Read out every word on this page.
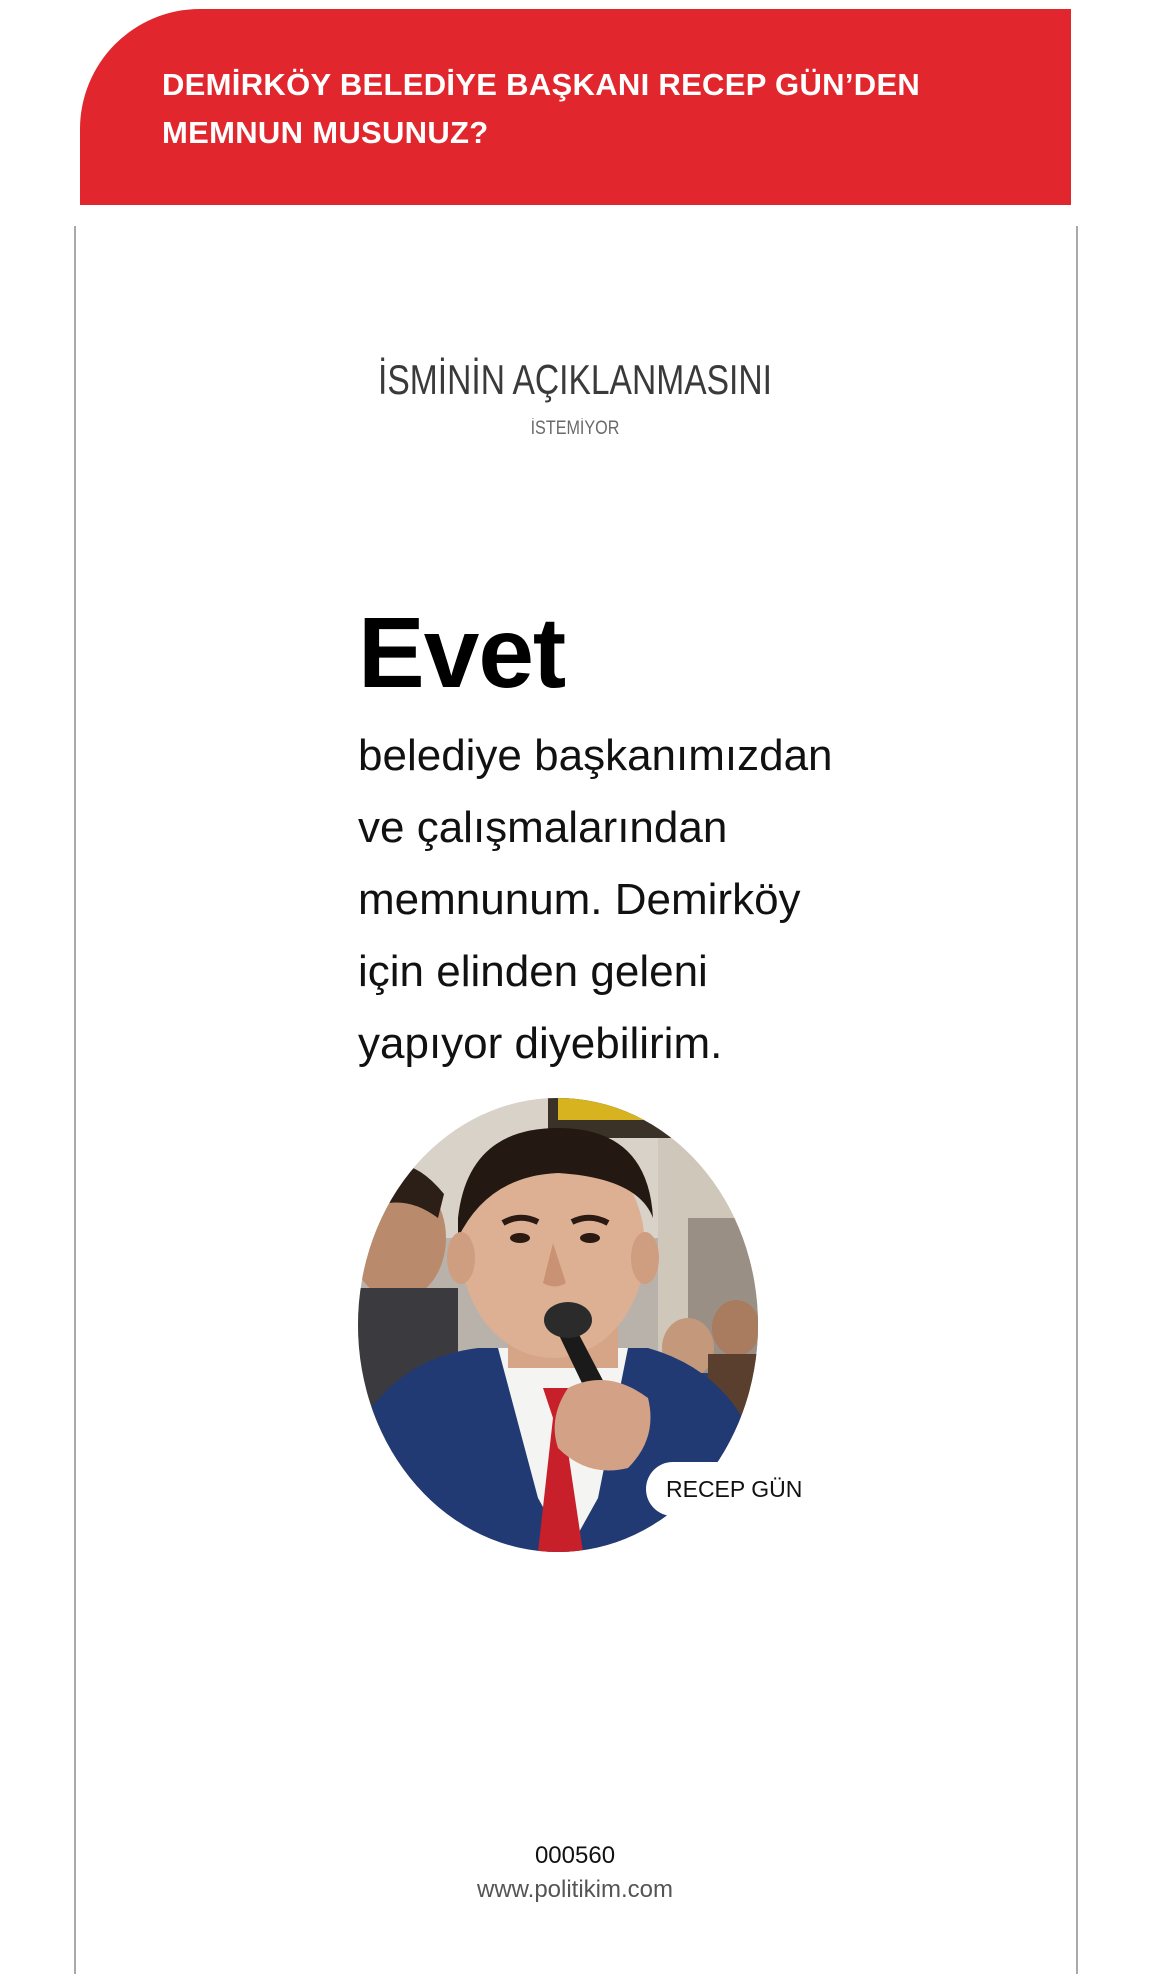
DEMİRKÖY BELEDİYE BAŞKANI RECEP GÜN’DEN
MEMNUN MUSUNUZ?
İSMİNİN AÇIKLANMASINI
İSTEMİYOR
Evet
belediye başkanımızdan
ve çalışmalarından
memnunum. Demirköy
için elinden geleni
yapıyor diyebilirim.
RECEP GÜN
000560
www.politikim.com
